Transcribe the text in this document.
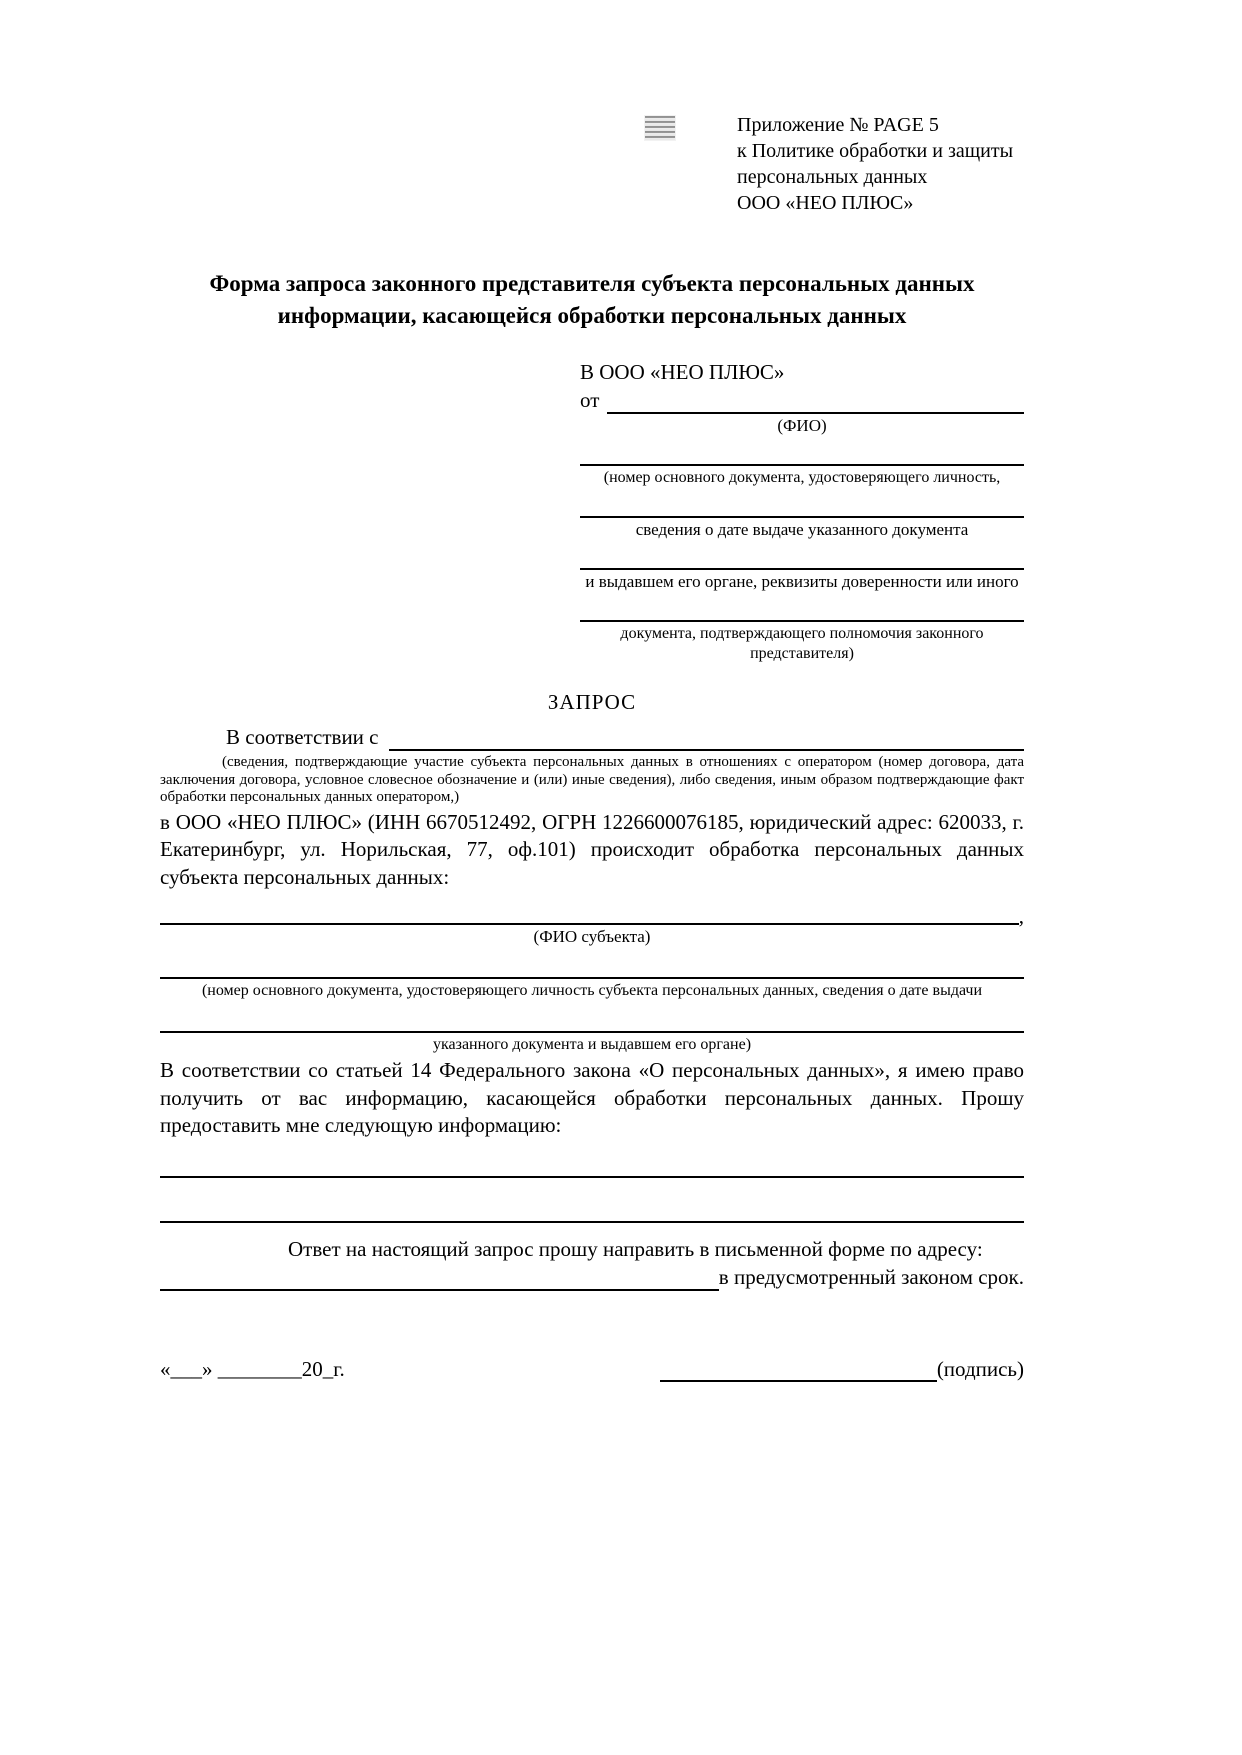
Приложение № PAGE 5
к Политике обработки и защиты
персональных данных
ООО «НЕО ПЛЮС»
Форма запроса законного представителя субъекта персональных данных
информации, касающейся обработки персональных данных
В ООО «НЕО ПЛЮС»
от
(ФИО)
(номер основного документа, удостоверяющего личность,
сведения о дате выдаче указанного документа
и выдавшем его органе, реквизиты доверенности или иного
документа, подтверждающего полномочия законного представителя)
ЗАПРОС
В соответствии с

(сведения, подтверждающие участие субъекта персональных данных в отношениях с оператором (номер договора, дата заключения договора, условное словесное обозначение и (или) иные сведения), либо сведения, иным образом подтверждающие факт обработки персональных данных оператором,)

в ООО «НЕО ПЛЮС» (ИНН 6670512492, ОГРН 1226600076185, юридический адрес: 620033, г. Екатеринбург, ул. Норильская, 77, оф.101) происходит обработка персональных данных субъекта персональных данных:

,
(ФИО субъекта)
(номер основного документа, удостоверяющего личность субъекта персональных данных, сведения о дате выдачи
указанного документа и выдавшем его органе)

В соответствии со статьей 14 Федерального закона «О персональных данных», я имею право получить от вас информацию, касающейся обработки персональных данных. Прошу предоставить мне следующую информацию:

Ответ на настоящий запрос прошу направить в письменной форме по адресу:

в предусмотренный законом срок.
«___» ________20_г.	(подпись)
